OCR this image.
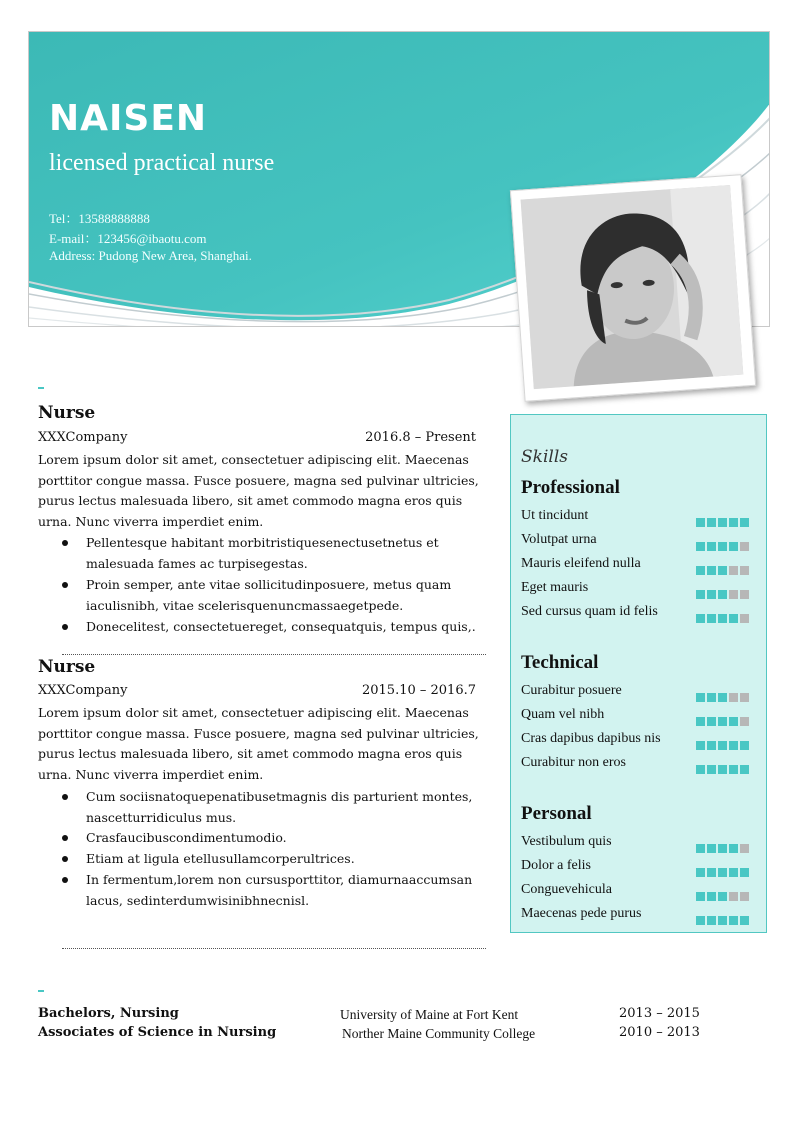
NAISEN
licensed practical nurse
Tel：13588888888
E-mail：123456@ibaotu.com
Address: Pudong New Area, Shanghai.
Nurse
XXXCompany	2016.8 – Present
Lorem ipsum dolor sit amet, consectetuer adipiscing elit. Maecenas porttitor congue massa. Fusce posuere, magna sed pulvinar ultricies, purus lectus malesuada libero, sit amet commodo magna eros quis urna. Nunc viverra imperdiet enim.
Pellentesque habitant morbitristiquesenectusetnetus et malesuada fames ac turpisegestas.
Proin semper, ante vitae sollicitudinposuere, metus quam iaculisnibh, vitae scelerisquenuncmassaegetpede.
Donecelitest, consectetuereget, consequatquis, tempus quis,.
Nurse
XXXCompany	2015.10 – 2016.7
Lorem ipsum dolor sit amet, consectetuer adipiscing elit. Maecenas porttitor congue massa. Fusce posuere, magna sed pulvinar ultricies, purus lectus malesuada libero, sit amet commodo magna eros quis urna. Nunc viverra imperdiet enim.
Cum sociisnatoquepenatibusetmagnis dis parturient montes, nascetturridiculus mus.
Crasfaucibuscondimentumodio.
Etiam at ligula etellusullamcorperultrices.
In fermentum,lorem non cursusporttitor, diamurnaaccumsan lacus, sedinterdumwisinibhnecnisl.
Skills
Professional
Ut tincidunt
Volutpat urna
Mauris eleifend nulla
Eget mauris
Sed cursus quam id felis
Technical
Curabitur posuere
Quam vel nibh
Cras dapibus dapibus nis
Curabitur non eros
Personal
Vestibulum quis
Dolor a felis
Conguevehicula
Maecenas pede purus
Bachelors, Nursing	University of Maine at Fort Kent	2013 – 2015
Associates of Science in Nursing	Norther Maine Community College	2010 – 2013
